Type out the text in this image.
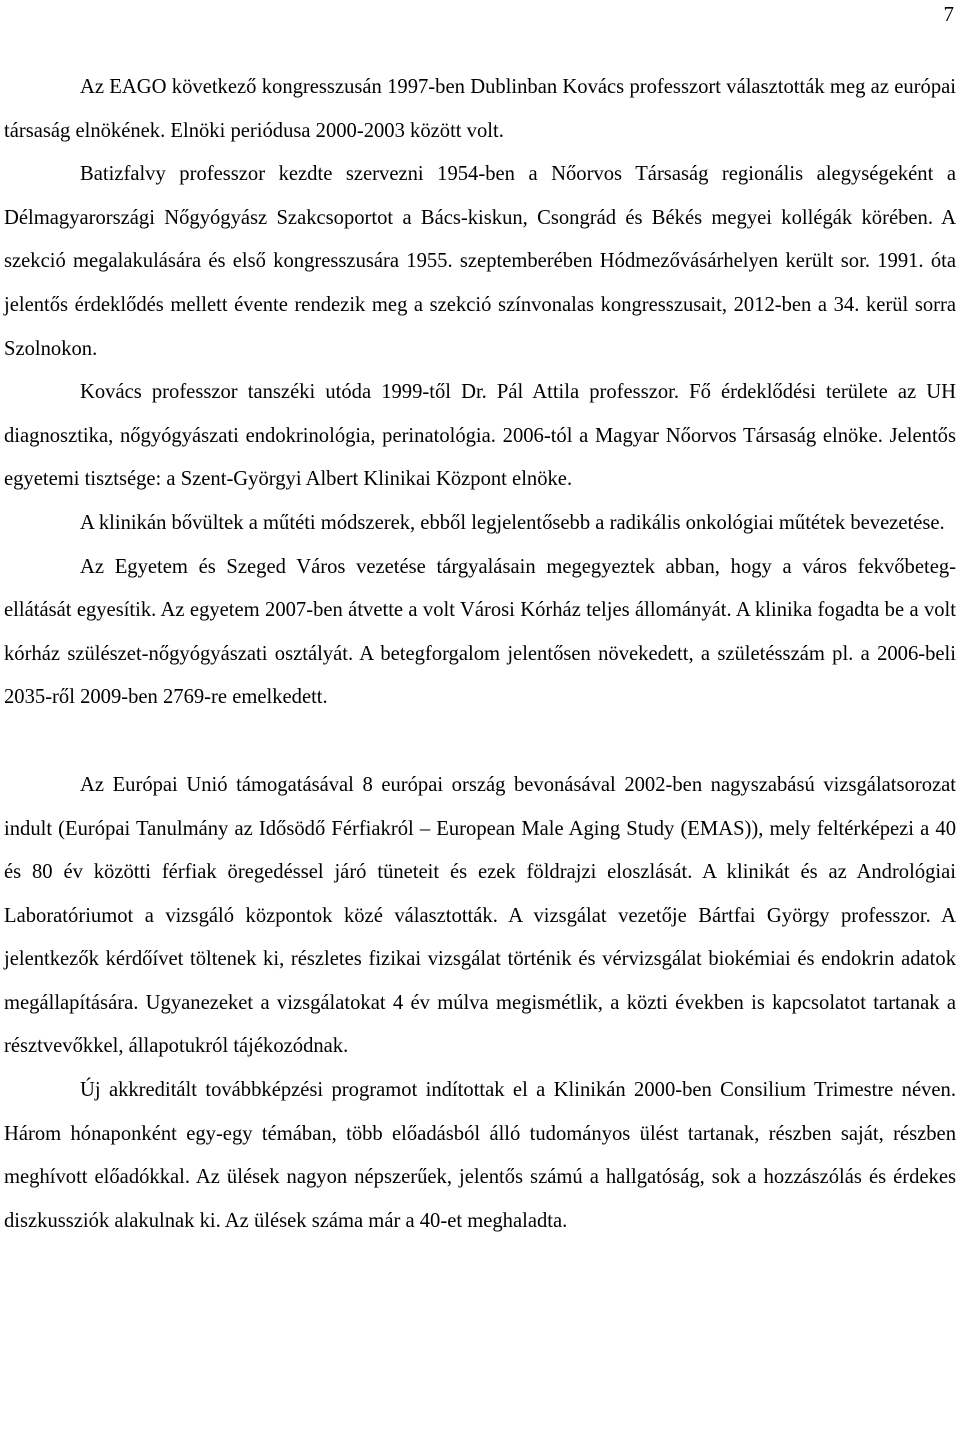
7

Az EAGO következő kongresszusán 1997-ben Dublinban Kovács professzort választották meg az európai társaság elnökének. Elnöki periódusa 2000-2003 között volt.

Batizfalvy professzor kezdte szervezni 1954-ben a Nőorvos Társaság regionális alegységeként a Délmagyarországi Nőgyógyász Szakcsoportot a Bács-kiskun, Csongrád és Békés megyei kollégák körében. A szekció megalakulására és első kongresszusára 1955. szeptemberében Hódmezővásárhelyen került sor. 1991. óta jelentős érdeklődés mellett évente rendezik meg a szekció színvonalas kongresszusait, 2012-ben a 34. kerül sorra Szolnokon.

Kovács professzor tanszéki utóda 1999-től Dr. Pál Attila professzor. Fő érdeklődési területe az UH diagnosztika, nőgyógyászati endokrinológia, perinatológia. 2006-tól a Magyar Nőorvos Társaság elnöke. Jelentős egyetemi tisztsége: a Szent-Györgyi Albert Klinikai Központ elnöke.

A klinikán bővültek a műtéti módszerek, ebből legjelentősebb a radikális onkológiai műtétek bevezetése.

Az Egyetem és Szeged Város vezetése tárgyalásain megegyeztek abban, hogy a város fekvőbeteg-ellátását egyesítik. Az egyetem 2007-ben átvette a volt Városi Kórház teljes állományát. A klinika fogadta be a volt kórház szülészet-nőgyógyászati osztályát. A betegforgalom jelentősen növekedett, a születésszám pl. a 2006-beli 2035-ről 2009-ben 2769-re emelkedett.

Az Európai Unió támogatásával 8 európai ország bevonásával 2002-ben nagyszabású vizsgálatsorozat indult (Európai Tanulmány az Idősödő Férfiakról – European Male Aging Study (EMAS)), mely feltérképezi a 40 és 80 év közötti férfiak öregedéssel járó tüneteit és ezek földrajzi eloszlását. A klinikát és az Andrológiai Laboratóriumot a vizsgáló központok közé választották. A vizsgálat vezetője Bártfai György professzor. A jelentkezők kérdőívet töltenek ki, részletes fizikai vizsgálat történik és vérvizsgálat biokémiai és endokrin adatok megállapítására. Ugyanezeket a vizsgálatokat 4 év múlva megismétlik, a közti években is kapcsolatot tartanak a résztvevőkkel, állapotukról tájékozódnak.

Új akkreditált továbbképzési programot indítottak el a Klinikán 2000-ben Consilium Trimestre néven. Három hónaponként egy-egy témában, több előadásból álló tudományos ülést tartanak, részben saját, részben meghívott előadókkal. Az ülések nagyon népszerűek, jelentős számú a hallgatóság, sok a hozzászólás és érdekes diszkussziók alakulnak ki. Az ülések száma már a 40-et meghaladta.
